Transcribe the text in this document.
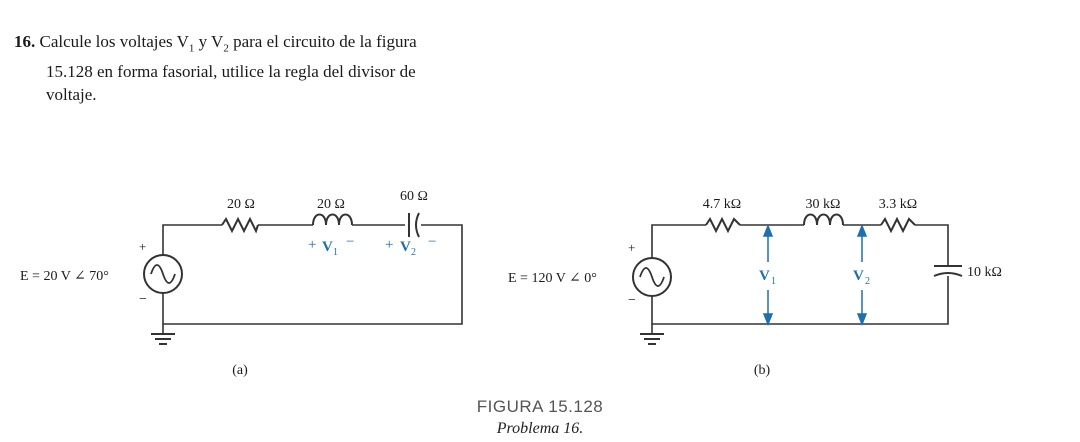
16. Calcule los voltajes $V_1$ y $V_2$ para el circuito de la figura
15.128 en forma fasorial, utilice la regla del divisor de
voltaje.
20 Ω	20 Ω
60 Ω
E = 20 V ∠ 70°
+
−
(a)
+ V 1
− + V 2
−
4.7 kΩ	30 kΩ	3.3 kΩ
10 kΩ
E = 120 V ∠ 0°
+
−
(b)
V 1	V 2
FIGURA 15.128
Problema 16.
